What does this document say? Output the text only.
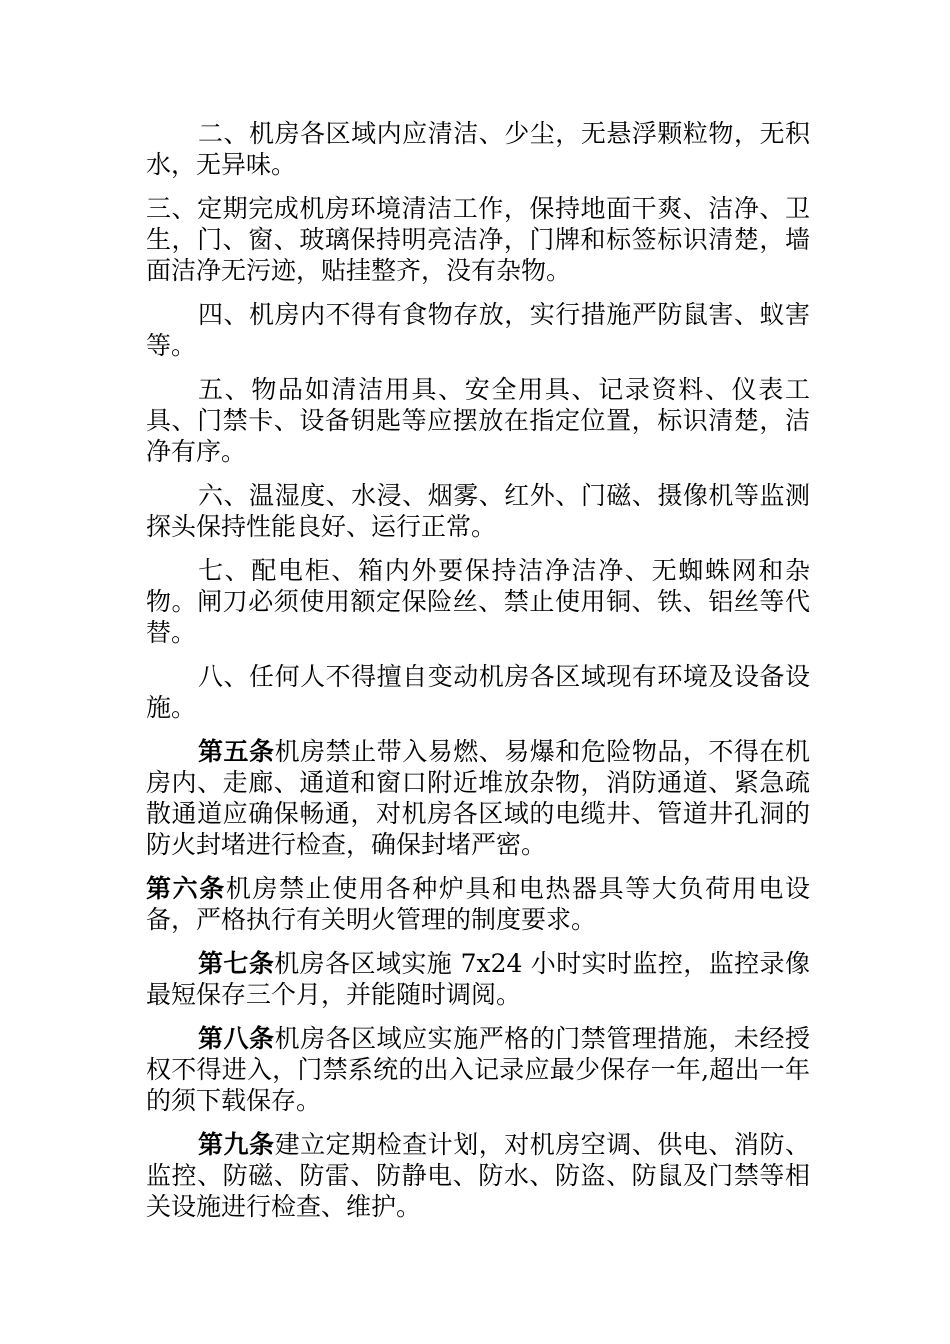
二、机房各区域内应清洁、少尘，无悬浮颗粒物，无积水，无异味。

三、定期完成机房环境清洁工作，保持地面干爽、洁净、卫生，门、窗、玻璃保持明亮洁净，门牌和标签标识清楚，墙面洁净无污迹，贴挂整齐，没有杂物。

四、机房内不得有食物存放，实行措施严防鼠害、蚁害等。

五、物品如清洁用具、安全用具、记录资料、仪表工具、门禁卡、设备钥匙等应摆放在指定位置，标识清楚，洁净有序。

六、温湿度、水浸、烟雾、红外、门磁、摄像机等监测探头保持性能良好、运行正常。

七、配电柜、箱内外要保持洁净洁净、无蜘蛛网和杂物。闸刀必须使用额定保险丝、禁止使用铜、铁、铝丝等代替。

八、任何人不得擅自变动机房各区域现有环境及设备设施。

第五条机房禁止带入易燃、易爆和危险物品，不得在机房内、走廊、通道和窗口附近堆放杂物，消防通道、紧急疏散通道应确保畅通，对机房各区域的电缆井、管道井孔洞的防火封堵进行检查，确保封堵严密。

第六条机房禁止使用各种炉具和电热器具等大负荷用电设备，严格执行有关明火管理的制度要求。

第七条机房各区域实施 7x24 小时实时监控，监控录像最短保存三个月，并能随时调阅。

第八条机房各区域应实施严格的门禁管理措施，未经授权不得进入，门禁系统的出入记录应最少保存一年,超出一年的须下载保存。

第九条建立定期检查计划，对机房空调、供电、消防、监控、防磁、防雷、防静电、防水、防盗、防鼠及门禁等相关设施进行检查、维护。
